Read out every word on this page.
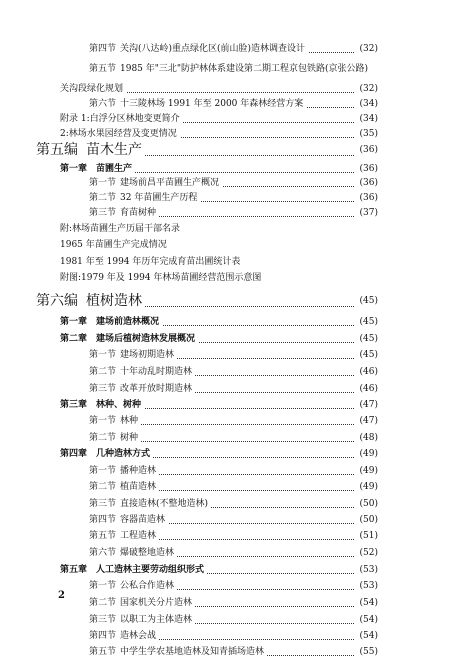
第四节 关沟(八达岭)重点绿化区(前山脸)造林调查设计	(32)
第五节 1985 年"三北"防护林体系建设第二期工程京包铁路(京张公路)
关沟段绿化规划	(32)
第六节 十三陵林场 1991 年至 2000 年森林经营方案	(34)
附录 1:白浮分区林地变更简介	(34)
2:林场水果园经营及变更情况	(35)
第五编 苗木生产	(36)
第一章 苗圃生产	(36)
第一节 建场前昌平苗圃生产概况	(36)
第二节 32 年苗圃生产历程	(36)
第三节 育苗树种	(37)
附:林场苗圃生产历届干部名录
1965 年苗圃生产完成情况
1981 年至 1994 年历年完成育苗出圃统计表
附图:1979 年及 1994 年林场苗圃经营范围示意图
第六编 植树造林	(45)
第一章 建场前造林概况	(45)
第二章 建场后植树造林发展概况	(45)
第一节 建场初期造林	(45)
第二节 十年动乱时期造林	(46)
第三节 改革开放时期造林	(46)
第三章 林种、树种	(47)
第一节 林种	(47)
第二节 树种	(48)
第四章 几种造林方式	(49)
第一节 播种造林	(49)
第二节 植苗造林	(49)
第三节 直接造林(不整地造林)	(50)
第四节 容器苗造林	(50)
第五节 工程造林	(51)
第六节 爆破整地造林	(52)
第五章 人工造林主要劳动组织形式	(53)
第一节 公私合作造林	(53)
第二节 国家机关分片造林	(54)
第三节 以职工为主体造林	(54)
第四节 造林会战	(54)
第五节 中学生学农基地造林及知青插场造林	(55)
2
